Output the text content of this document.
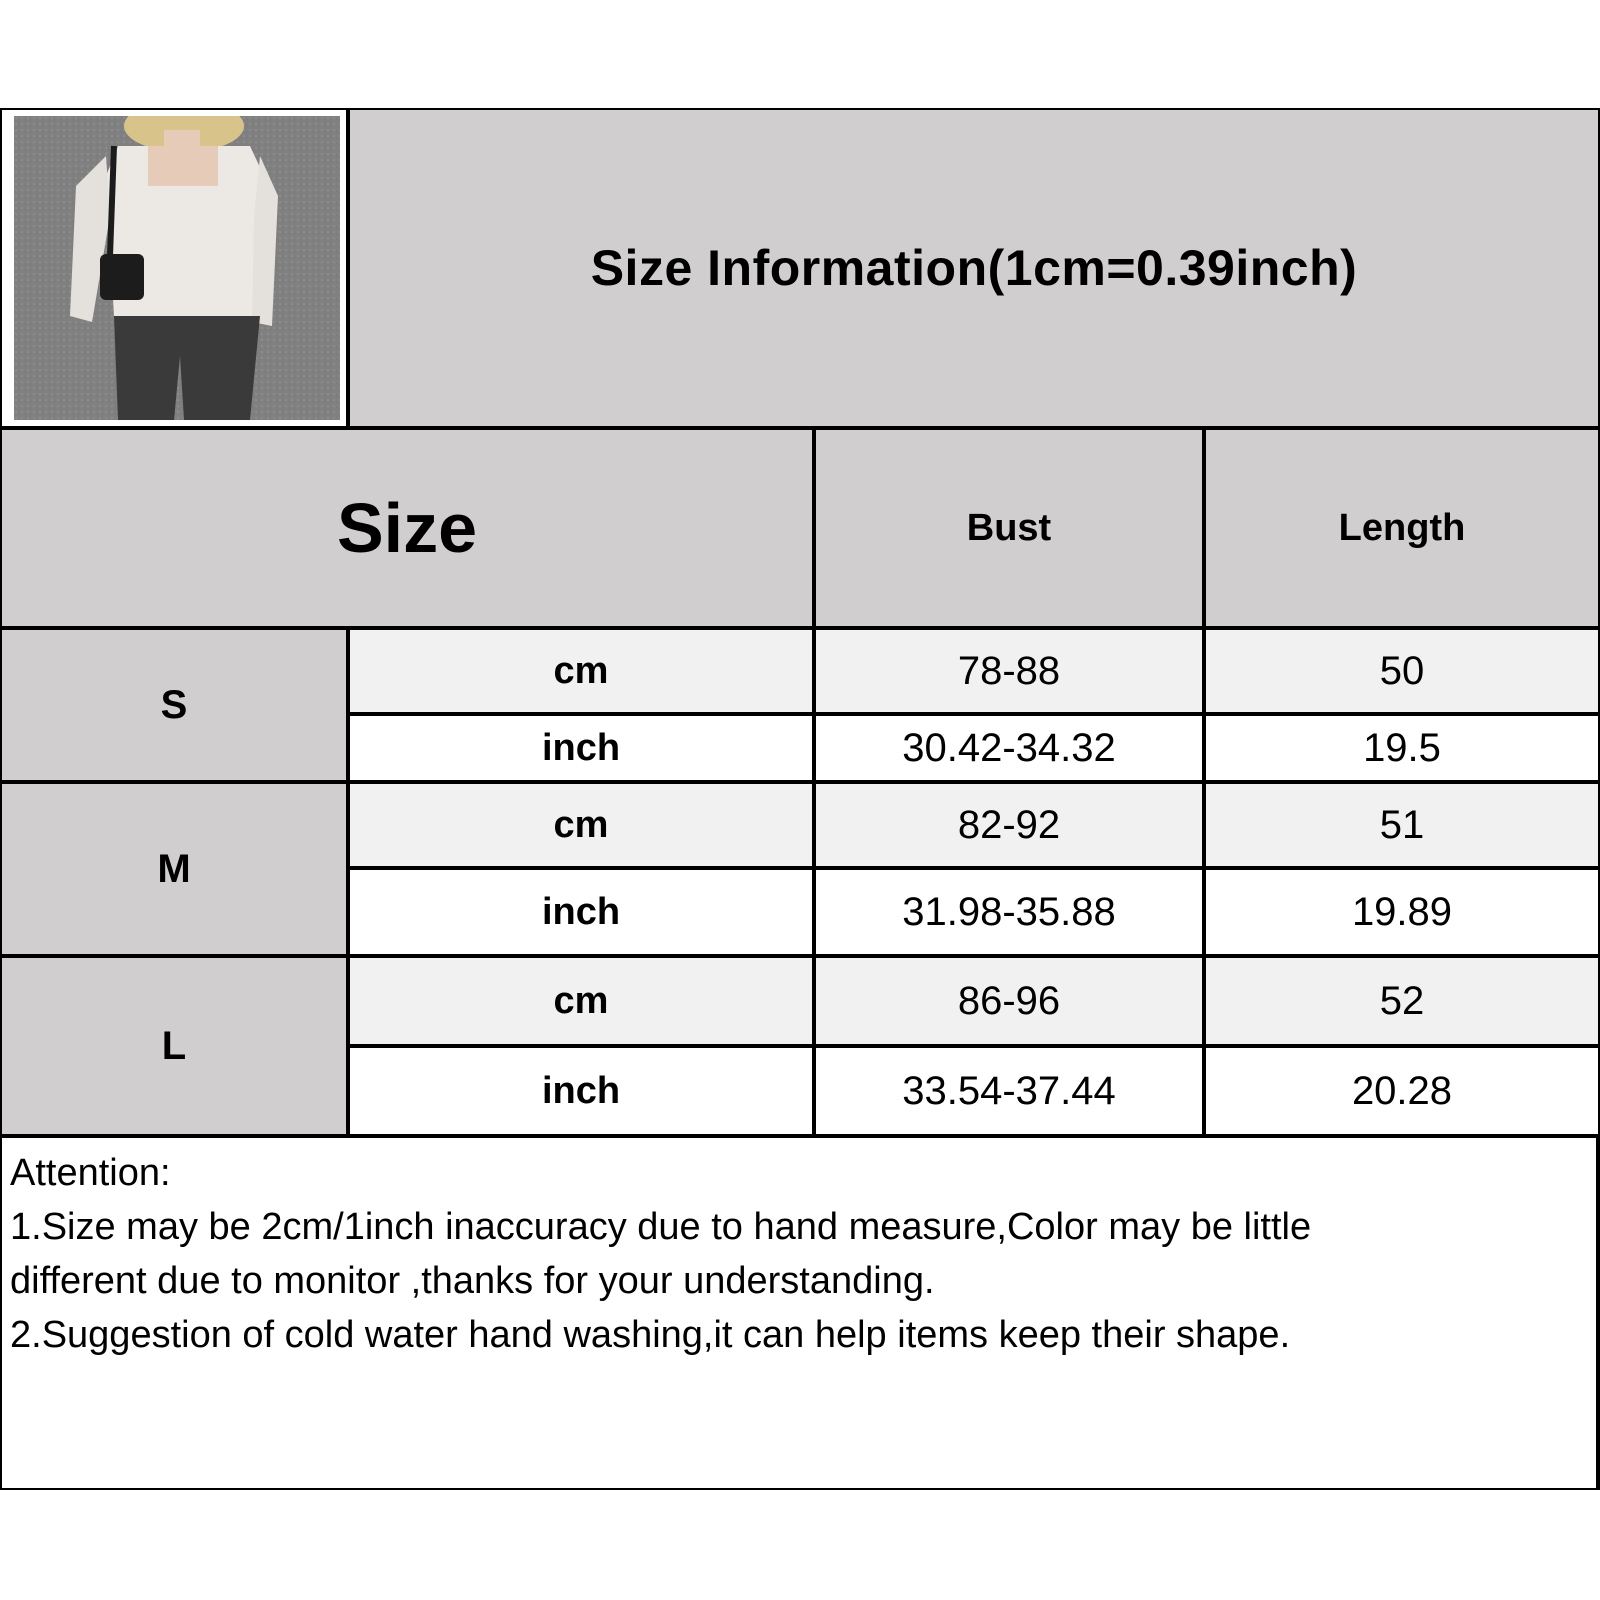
Size Information(1cm=0.39inch)
Size	Bust	Length
S
cm	78-88	50
inch	30.42-34.32	19.5
M
cm	82-92	51
inch	31.98-35.88	19.89
L
cm	86-96	52
inch	33.54-37.44	20.28
Attention:
1.Size may be 2cm/1inch inaccuracy due to hand measure,Color may be little
different due to monitor ,thanks for your understanding.
2.Suggestion of cold water hand washing,it can help items keep their shape.
